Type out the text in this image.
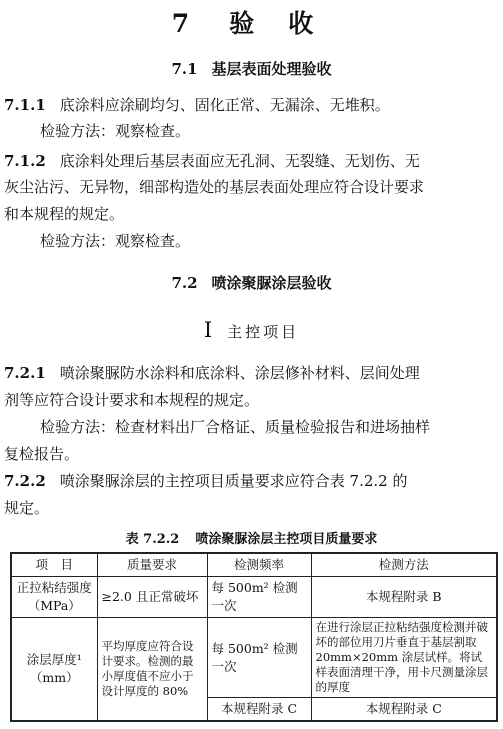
7 验 收
7.1 基层表面处理验收
7.1.1 底涂料应涂刷均匀、固化正常、无漏涂、无堆积。
检验方法：观察检查。
7.1.2 底涂料处理后基层表面应无孔洞、无裂缝、无划伤、无
灰尘沾污、无异物，细部构造处的基层表面处理应符合设计要求
和本规程的规定。
检验方法：观察检查。
7.2 喷涂聚脲涂层验收
Ⅰ 主控项目
7.2.1 喷涂聚脲防水涂料和底涂料、涂层修补材料、层间处理
剂等应符合设计要求和本规程的规定。
检验方法：检查材料出厂合格证、质量检验报告和进场抽样
复检报告。
7.2.2 喷涂聚脲涂层的主控项目质量要求应符合表 7.2.2 的
规定。
表 7.2.2 喷涂聚脲涂层主控项目质量要求
项　目	质量要求	检测频率	检测方法
正拉粘结强度（MPa）	≥2.0 且正常破坏	每 500m² 检测一次	本规程附录 B
涂层厚度¹（mm）	平均厚度应符合设计要求。检测的最小厚度值不应小于设计厚度的 80%	每 500m² 检测一次	在进行涂层正拉粘结强度检测并破坏的部位用刀片垂直于基层割取 20mm×20mm 涂层试样。将试样表面清理干净，用卡尺测量涂层的厚度
		本规程附录 C	本规程附录 C
